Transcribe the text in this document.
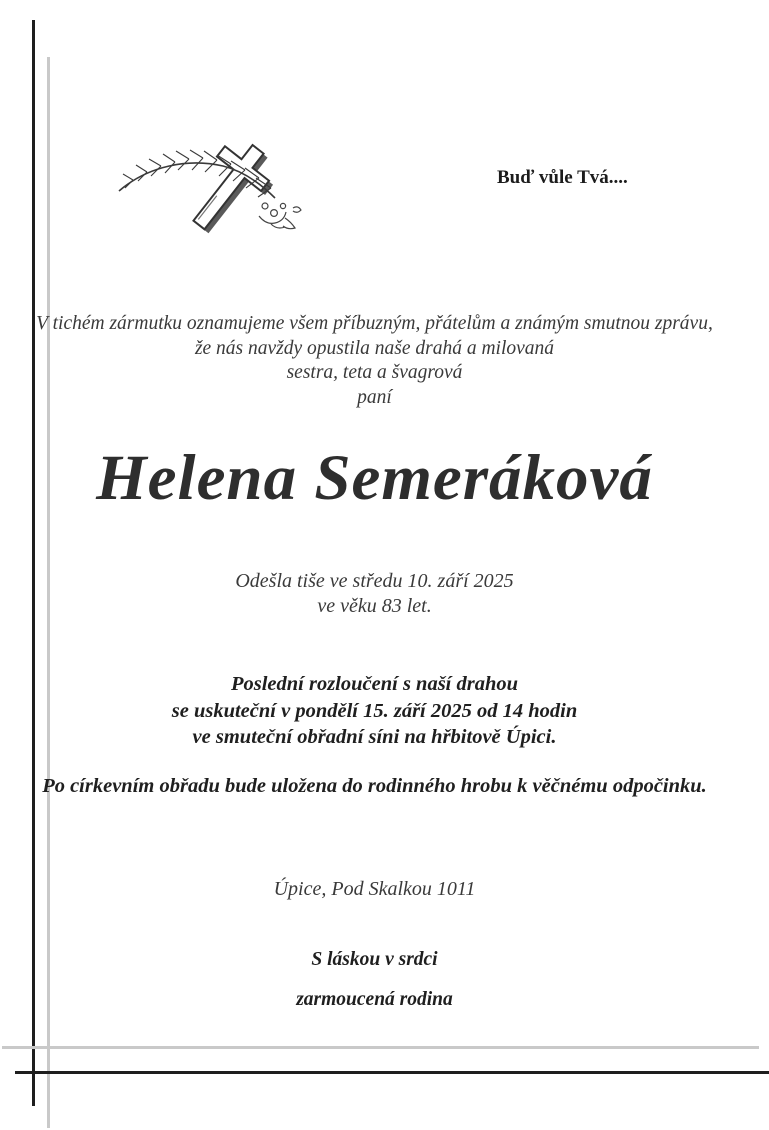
Buď vůle Tvá....
V tichém zármutku oznamujeme všem příbuzným, přátelům a známým smutnou zprávu,
že nás navždy opustila naše drahá a milovaná
sestra, teta a švagrová
paní
Helena Semeráková
Odešla tiše ve středu 10. září 2025
ve věku 83 let.
Poslední rozloučení s naší drahou
se uskuteční v pondělí 15. září 2025 od 14 hodin
ve smuteční obřadní síni na hřbitově Úpici.
Po církevním obřadu bude uložena do rodinného hrobu k věčnému odpočinku.
Úpice, Pod Skalkou 1011
S láskou v srdci
zarmoucená rodina
